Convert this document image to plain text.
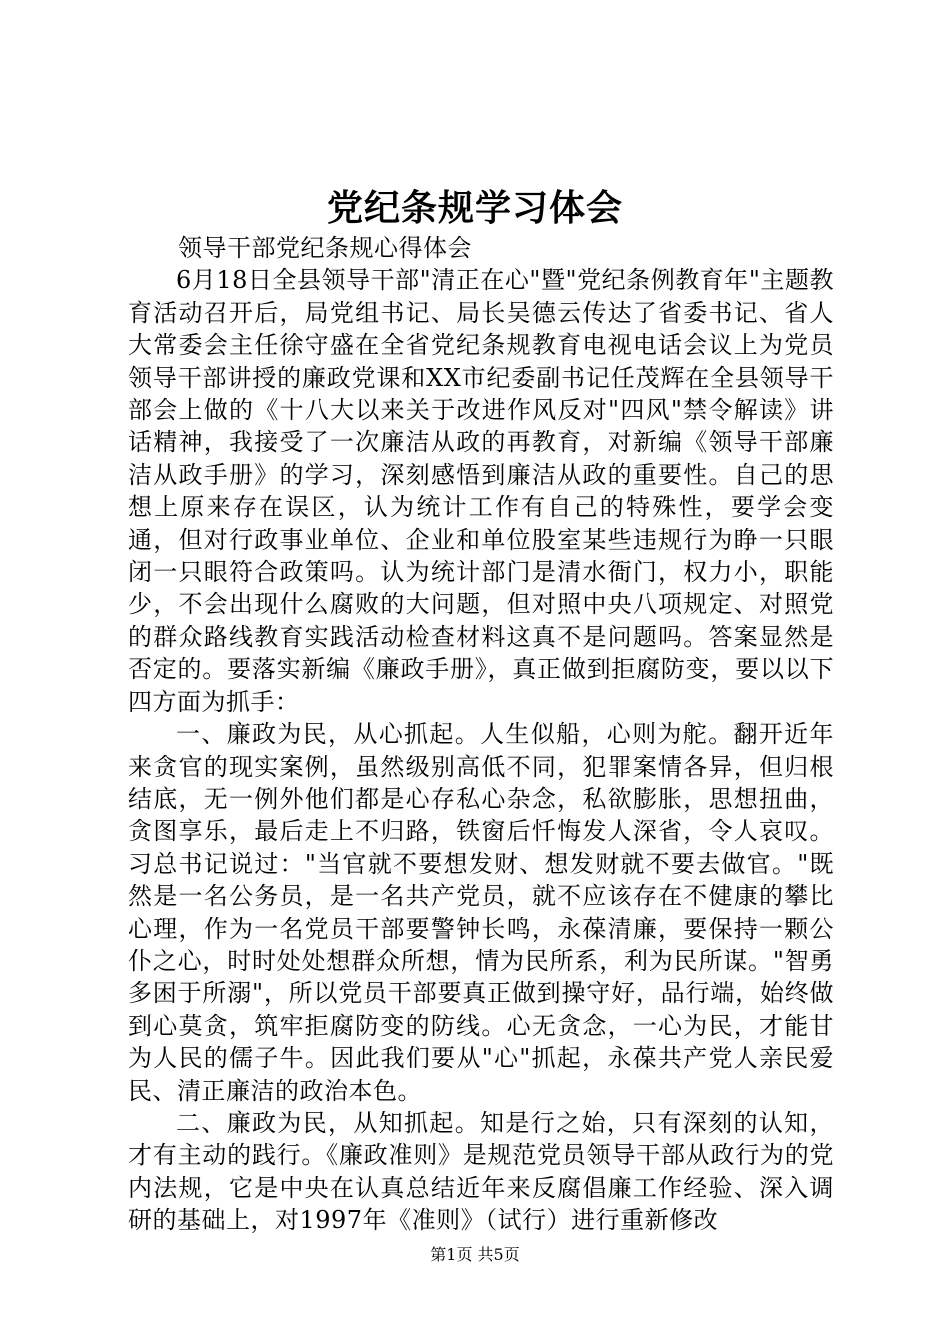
党纪条规学习体会

领导干部党纪条规心得体会

6月18日全县领导干部"清正在心"暨"党纪条例教育年"主题教育活动召开后，局党组书记、局长吴德云传达了省委书记、省人大常委会主任徐守盛在全省党纪条规教育电视电话会议上为党员领导干部讲授的廉政党课和XX市纪委副书记任茂辉在全县领导干部会上做的《十八大以来关于改进作风反对"四风"禁令解读》讲话精神，我接受了一次廉洁从政的再教育，对新编《领导干部廉洁从政手册》的学习，深刻感悟到廉洁从政的重要性。自己的思想上原来存在误区，认为统计工作有自己的特殊性，要学会变通，但对行政事业单位、企业和单位股室某些违规行为睁一只眼闭一只眼符合政策吗。认为统计部门是清水衙门，权力小，职能少，不会出现什么腐败的大问题，但对照中央八项规定、对照党的群众路线教育实践活动检查材料这真不是问题吗。答案显然是否定的。要落实新编《廉政手册》，真正做到拒腐防变，要以以下四方面为抓手：

一、廉政为民，从心抓起。人生似船，心则为舵。翻开近年来贪官的现实案例，虽然级别高低不同，犯罪案情各异，但归根结底，无一例外他们都是心存私心杂念，私欲膨胀，思想扭曲，贪图享乐，最后走上不归路，铁窗后忏悔发人深省，令人哀叹。习总书记说过："当官就不要想发财、想发财就不要去做官。"既然是一名公务员，是一名共产党员，就不应该存在不健康的攀比心理，作为一名党员干部要警钟长鸣，永葆清廉，要保持一颗公仆之心，时时处处想群众所想，情为民所系，利为民所谋。"智勇多困于所溺"，所以党员干部要真正做到操守好，品行端，始终做到心莫贪，筑牢拒腐防变的防线。心无贪念，一心为民，才能甘为人民的儒子牛。因此我们要从"心"抓起，永葆共产党人亲民爱民、清正廉洁的政治本色。

二、廉政为民，从知抓起。知是行之始，只有深刻的认知，才有主动的践行。《廉政准则》是规范党员领导干部从政行为的党内法规，它是中央在认真总结近年来反腐倡廉工作经验、深入调研的基础上，对1997年《准则》（试行）进行重新修改

第1页 共5页
